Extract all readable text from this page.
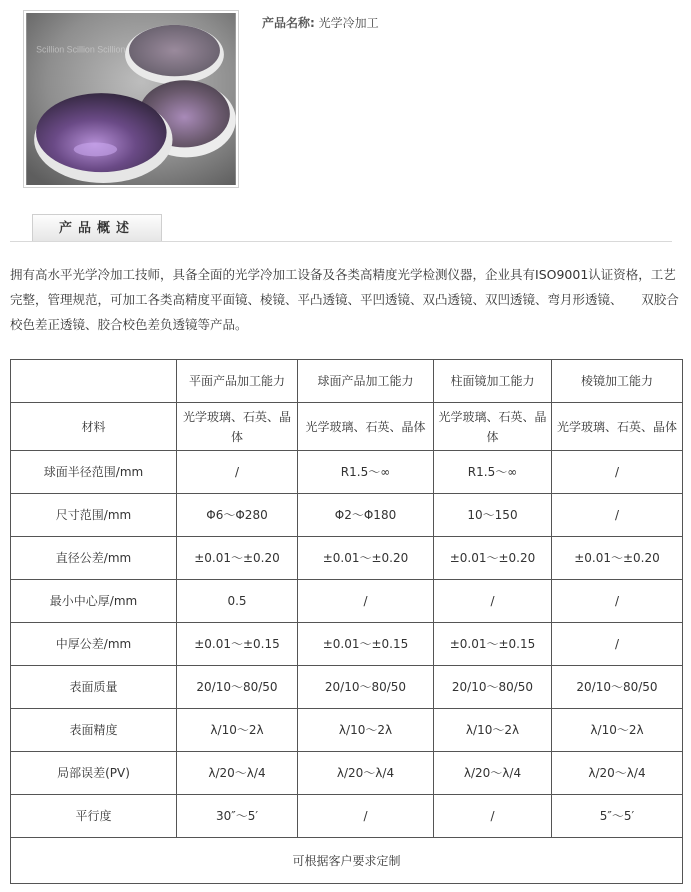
Scillion Scillion Scillion
产品名称: 光学冷加工
产品概述
拥有高水平光学冷加工技师，具备全面的光学冷加工设备及各类高精度光学检测仪器，企业具有ISO9001认证资格，工艺完整，管理规范，可加工各类高精度平面镜、棱镜、平凸透镜、平凹透镜、双凸透镜、双凹透镜、弯月形透镜、　　双胶合校色差正透镜、胶合校色差负透镜等产品。
	平面产品加工能力	球面产品加工能力	柱面镜加工能力	棱镜加工能力
材料	光学玻璃、石英、晶体	光学玻璃、石英、晶体	光学玻璃、石英、晶体	光学玻璃、石英、晶体
球面半径范围/mm	/	R1.5～∞	R1.5～∞	/
尺寸范围/mm	Φ6～Φ280	Φ2～Φ180	10～150	/
直径公差/mm	±0.01～±0.20	±0.01～±0.20	±0.01～±0.20	±0.01～±0.20
最小中心厚/mm	0.5	/	/	/
中厚公差/mm	±0.01～±0.15	±0.01～±0.15	±0.01～±0.15	/
表面质量	20/10～80/50	20/10～80/50	20/10～80/50	20/10～80/50
表面精度	λ/10～2λ	λ/10～2λ	λ/10～2λ	λ/10～2λ
局部误差(PV)	λ/20～λ/4	λ/20～λ/4	λ/20～λ/4	λ/20～λ/4
平行度	30″～5′	/	/	5″～5′
可根据客户要求定制				
